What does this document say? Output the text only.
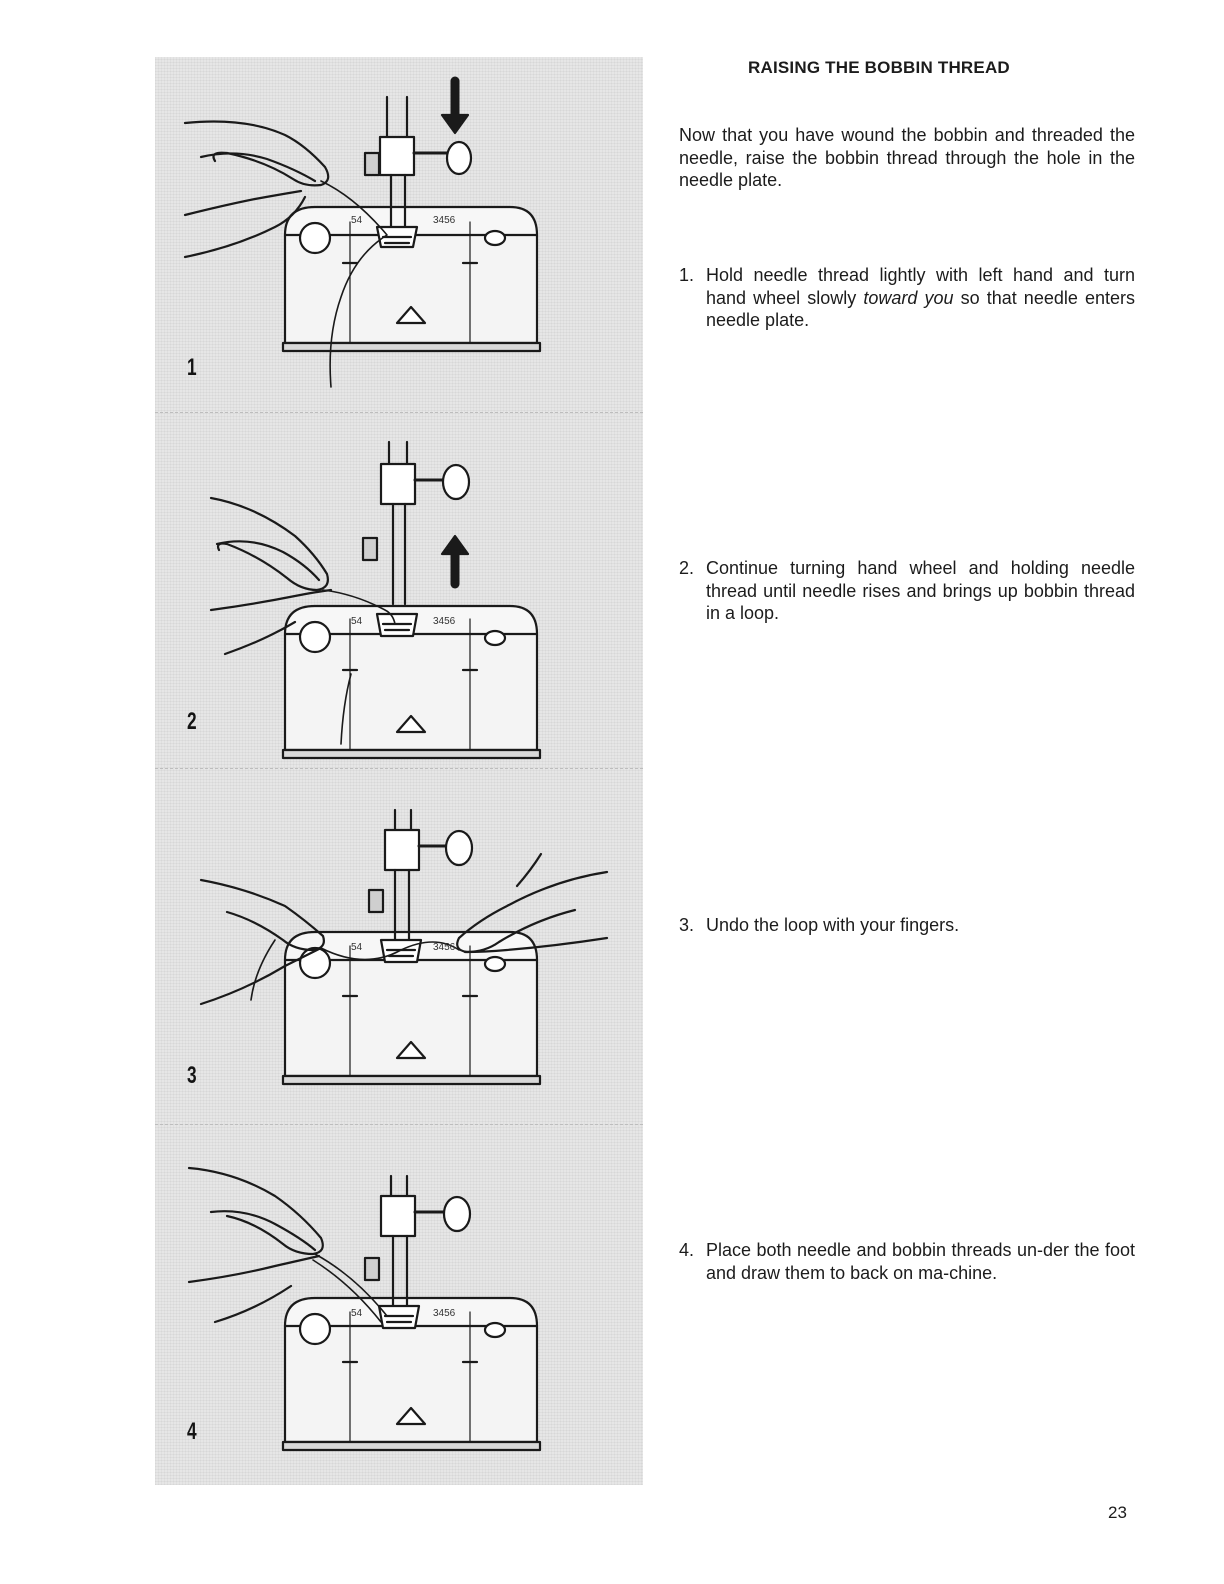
54	3456
1
54	3456
2
54	3456
3
54	3456
4
RAISING THE BOBBIN THREAD

Now that you have wound the bobbin and threaded the needle, raise the bobbin thread through the hole in the needle plate.

1. Hold needle thread lightly with left hand and turn hand wheel slowly toward you so that needle enters needle plate.

2. Continue turning hand wheel and holding needle thread until needle rises and brings up bobbin thread in a loop.

3. Undo the loop with your fingers.

4. Place both needle and bobbin threads un-der the foot and draw them to back on ma-chine.

23
